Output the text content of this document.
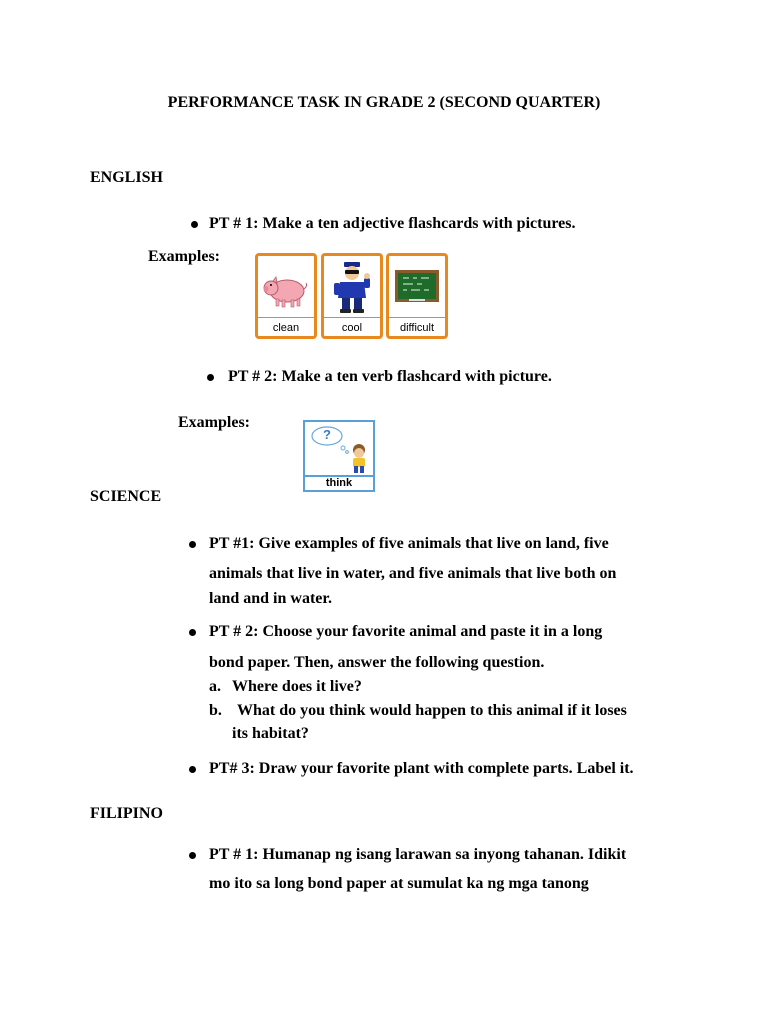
PERFORMANCE TASK IN GRADE 2 (SECOND QUARTER)
ENGLISH
PT # 1: Make a ten adjective flashcards with pictures.
Examples:
clean	cool	difficult
PT # 2: Make a ten verb flashcard with picture.
Examples:
?
think
SCIENCE
PT #1: Give examples of five animals that live on land, five
animals that live in water, and five animals that live both on
land and in water.
PT # 2: Choose your favorite animal and paste it in a long
bond paper. Then, answer the following question.
a. Where does it live?
b. What do you think would happen to this animal if it loses
its habitat?
PT# 3: Draw your favorite plant with complete parts. Label it.
FILIPINO
PT # 1: Humanap ng isang larawan sa inyong tahanan. Idikit
mo ito sa long bond paper at sumulat ka ng mga tanong
